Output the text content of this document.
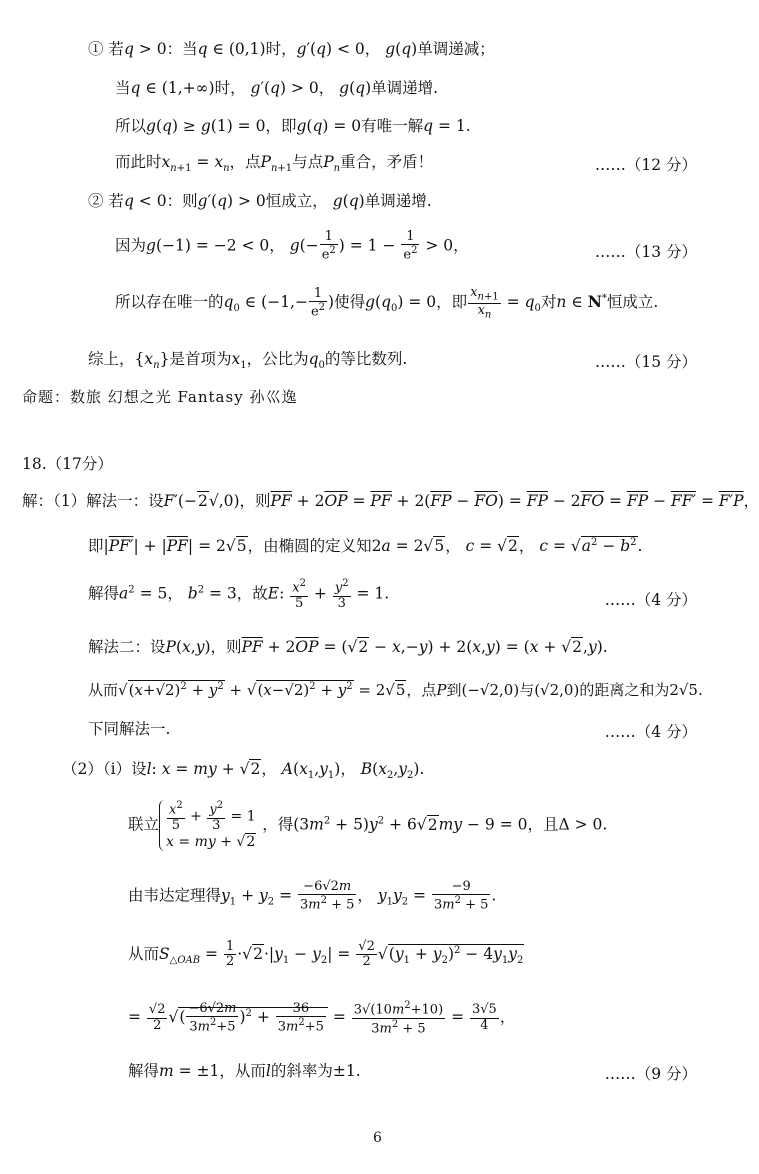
① 若q > 0：当q ∈ (0,1)时，g′(q) < 0， g(q)单调递减；
当q ∈ (1,+∞)时， g′(q) > 0， g(q)单调递增.
所以g(q) ≥ g(1) = 0，即g(q) = 0有唯一解q = 1.
而此时$x_{n+1} = x_n$，点$P_{n+1}$与点$P_n$重合，矛盾！	……（12 分）
② 若q < 0：则g′(q) > 0恒成立， g(q)单调递增.
因为g(−1) = −2 < 0， $g(- \frac{1}{e^2}$ ) = $1 - \frac{1}{e^2} > 0$，	……（13 分）
所以存在唯一的$q_0$ ∈ ($-1,- \frac{1}{e^2}$ )使得$g(q_0) = 0$，即 $\frac{x_{n+1}}{x_n} = q_0$对n ∈ N*恒成立.
综上，$\{x_n\}$是首项为$x_1$，公比为$q_0$的等比数列.	……（15 分）
命题：数旅 幻想之光 Fantasy 孙巛逸
18.（17分）
解：（1）解法一：设F′(−2√,0)，则$\overline{PF} + 2\overline{OP} = \overline{PF} + 2(\overline{FP} - \overline{FO}) = \overline{FP} - 2\overline{FO} = \overline{FP} - FF' = F'P$，
即$|PF'| + |\overline{PF}| = 2√5$，由椭圆的定义知2a = 2√5， c = √2， $c = √a^2 - b^2$.
解得$a^2 = 5$， $b^2 = 3$，故E: $\frac{x^2}{5} + \frac{y^2}{3} = 1$.	……（4 分）
解法二：设P(x,y)，则$\overline{PF} + 2\overline{OP} = (√2 - x,-y) + 2(x,y) = (x + √2,y)$.
从而$√(x+√2)^2 + y^2 + √(x-√2)^2 + y^2 = 2√5$，点P到(−√2,0)与(√2,0)的距离之和为2√5.
下同解法一.	……（4 分）
（2）（i）设l: x = my + √2， $A(x_1,y_1)$， $B(x_2,y_2)$.
联立 $\frac{x^2}{5} + \frac{y^2}{3} = 1$
x = my + √2，得$(3m^2 + 5)y^2 + 6√2my - 9 = 0$，且Δ > 0.
由韦达定理得$y_1 + y_2 = \frac{-6√2m}{3m^2 + 5}$ ， $y_1y_2 = \frac{-9}{3m^2 + 5}$ .
从而$S_{\triangle OAB} = \frac{1}{2} \cdot√2\cdot|y_1 - y_2| = \frac{√2}{2} √(y_1 + y_2)^2 - 4y_1y_2$
= $\frac{√2}{2}$ √( $\frac{-6√2m}{3m^2+5} )^2 + \frac{36}{3m^2+5} = \frac{3√(10m^2+10)}{3m^2 + 5} = \frac{3√5}{4}$ ，
解得m = ±1，从而l的斜率为±1.	……（9 分）
6
